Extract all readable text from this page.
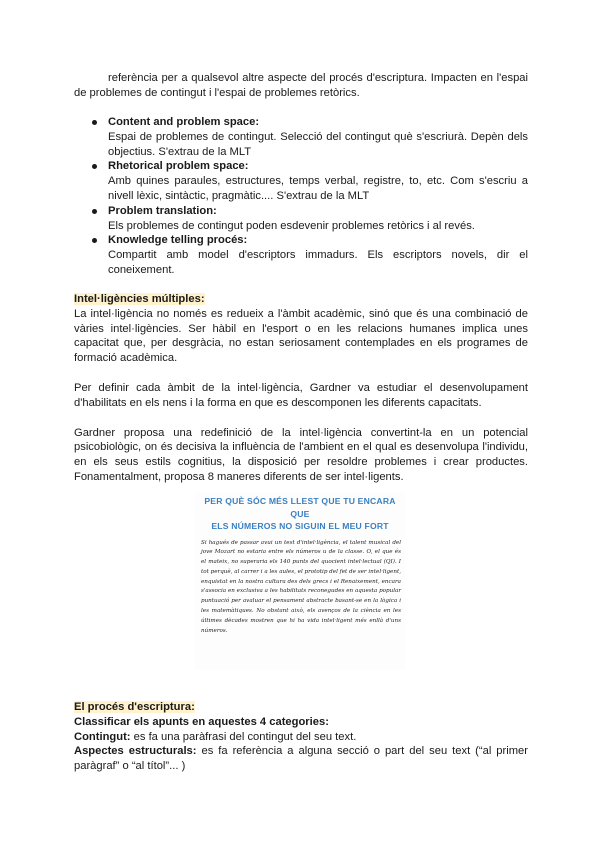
referència per a qualsevol altre aspecte del procés d'escriptura. Impacten en l'espai de problemes de contingut i l'espai de problemes retòrics.

Content and problem space:
Espai de problemes de contingut. Selecció del contingut què s'escriurà. Depèn dels objectius. S'extrau de la MLT
Rhetorical problem space:
Amb quines paraules, estructures, temps verbal, registre, to, etc. Com s'escriu a nivell lèxic, sintàctic, pragmàtic.... S'extrau de la MLT
Problem translation:
Els problemes de contingut poden esdevenir problemes retòrics i al revés.
Knowledge telling procés:
Compartit amb model d'escriptors immadurs. Els escriptors novels, dir el coneixement.

Intel·ligències múltiples:

La intel·ligència no només es redueix a l'àmbit acadèmic, sinó que és una combinació de vàries intel·ligències. Ser hàbil en l'esport o en les relacions humanes implica unes capacitat que, per desgràcia, no estan seriosament contemplades en els programes de formació acadèmica.

Per definir cada àmbit de la intel·ligència, Gardner va estudiar el desenvolupament d'habilitats en els nens i la forma en que es descomponen les diferents capacitats.

Gardner proposa una redefinició de la intel·ligència convertint-la en un potencial psicobiològic, on és decisiva la influència de l'ambient en el qual es desenvolupa l'individu, en els seus estils cognitius, la disposició per resoldre problemes i crear productes. Fonamentalment, proposa 8 maneres diferents de ser intel·ligents.

PER QUÈ SÓC MÉS LLEST QUE TU ENCARA QUE
ELS NÚMEROS NO SIGUIN EL MEU FORT
Si hagués de passar avui un test d'intel·ligència, el talent musical del jove Mozart no estaria entre els números u de la classe. O, el que és el mateix, no superaria els 140 punts del quocient intel·lectual (QI). I tot perquè, al carrer i a les aules, el prototip del fet de ser intel·ligent, enquistat en la nostra cultura des dels grecs i el Renaixement, encara s'associa en exclusiva a les habilitats reconegudes en aquesta popular puntuació per avaluar el pensament abstracte basant-se en la lògica i les matemàtiques. No obstant això, els avenços de la ciència en les últimes dècades mostren que hi ha vida intel·ligent més enllà d'uns números.

El procés d'escriptura:

Classificar els apunts en aquestes 4 categories:

Contingut: es fa una paràfrasi del contingut del seu text.

Aspectes estructurals: es fa referència a alguna secció o part del seu text (“al primer paràgraf” o “al títol”... )
